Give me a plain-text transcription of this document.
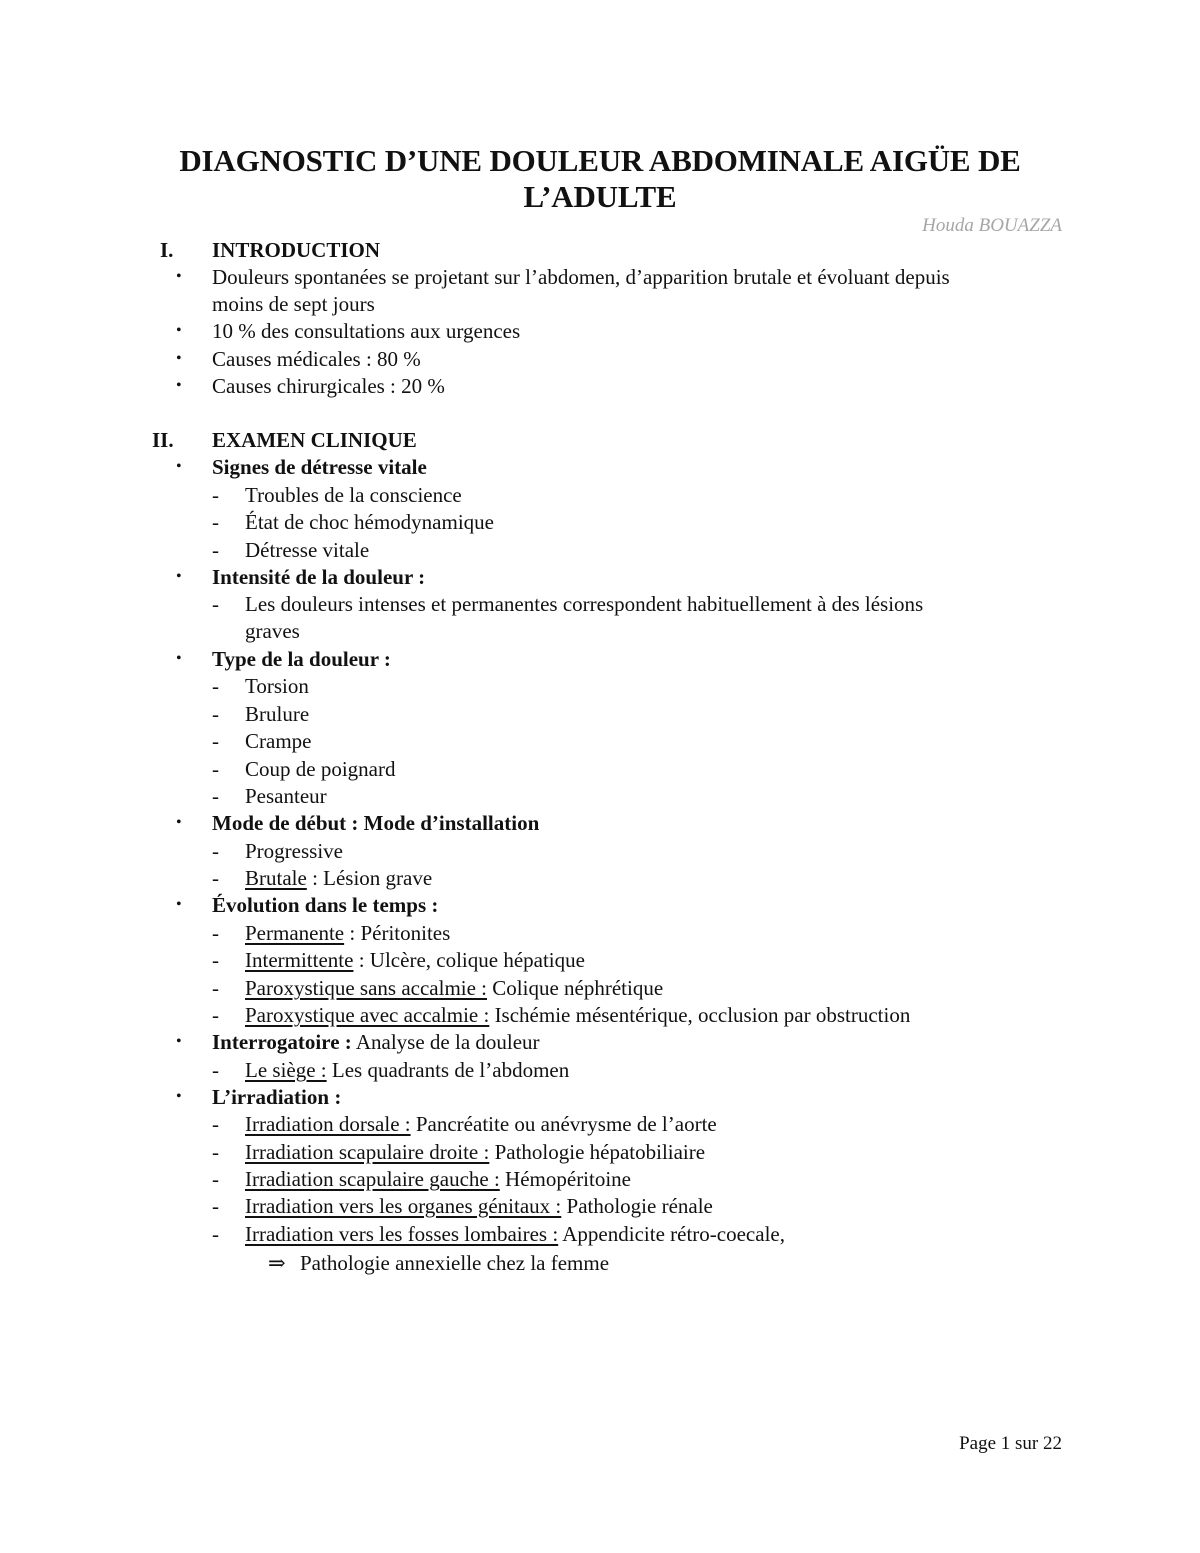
DIAGNOSTIC D’UNE DOULEUR ABDOMINALE AIGÜE DE
L’ADULTE
Houda BOUAZZA
I. INTRODUCTION
• Douleurs spontanées se projetant sur l’abdomen, d’apparition brutale et évoluant depuis
moins de sept jours
• 10 % des consultations aux urgences
• Causes médicales : 80 %
• Causes chirurgicales : 20 %
II. EXAMEN CLINIQUE
• Signes de détresse vitale
- Troubles de la conscience
- État de choc hémodynamique
- Détresse vitale
• Intensité de la douleur :
- Les douleurs intenses et permanentes correspondent habituellement à des lésions
graves
• Type de la douleur :
- Torsion
- Brulure
- Crampe
- Coup de poignard
- Pesanteur
• Mode de début : Mode d’installation
- Progressive
- Brutale : Lésion grave
• Évolution dans le temps :
- Permanente : Péritonites
- Intermittente : Ulcère, colique hépatique
- Paroxystique sans accalmie : Colique néphrétique
- Paroxystique avec accalmie : Ischémie mésentérique, occlusion par obstruction
• Interrogatoire : Analyse de la douleur
- Le siège : Les quadrants de l’abdomen
• L’irradiation :
- Irradiation dorsale : Pancréatite ou anévrysme de l’aorte
- Irradiation scapulaire droite : Pathologie hépatobiliaire
- Irradiation scapulaire gauche : Hémopéritoine
- Irradiation vers les organes génitaux : Pathologie rénale
- Irradiation vers les fosses lombaires : Appendicite rétro-coecale,
⇒ Pathologie annexielle chez la femme
Page 1 sur 22
